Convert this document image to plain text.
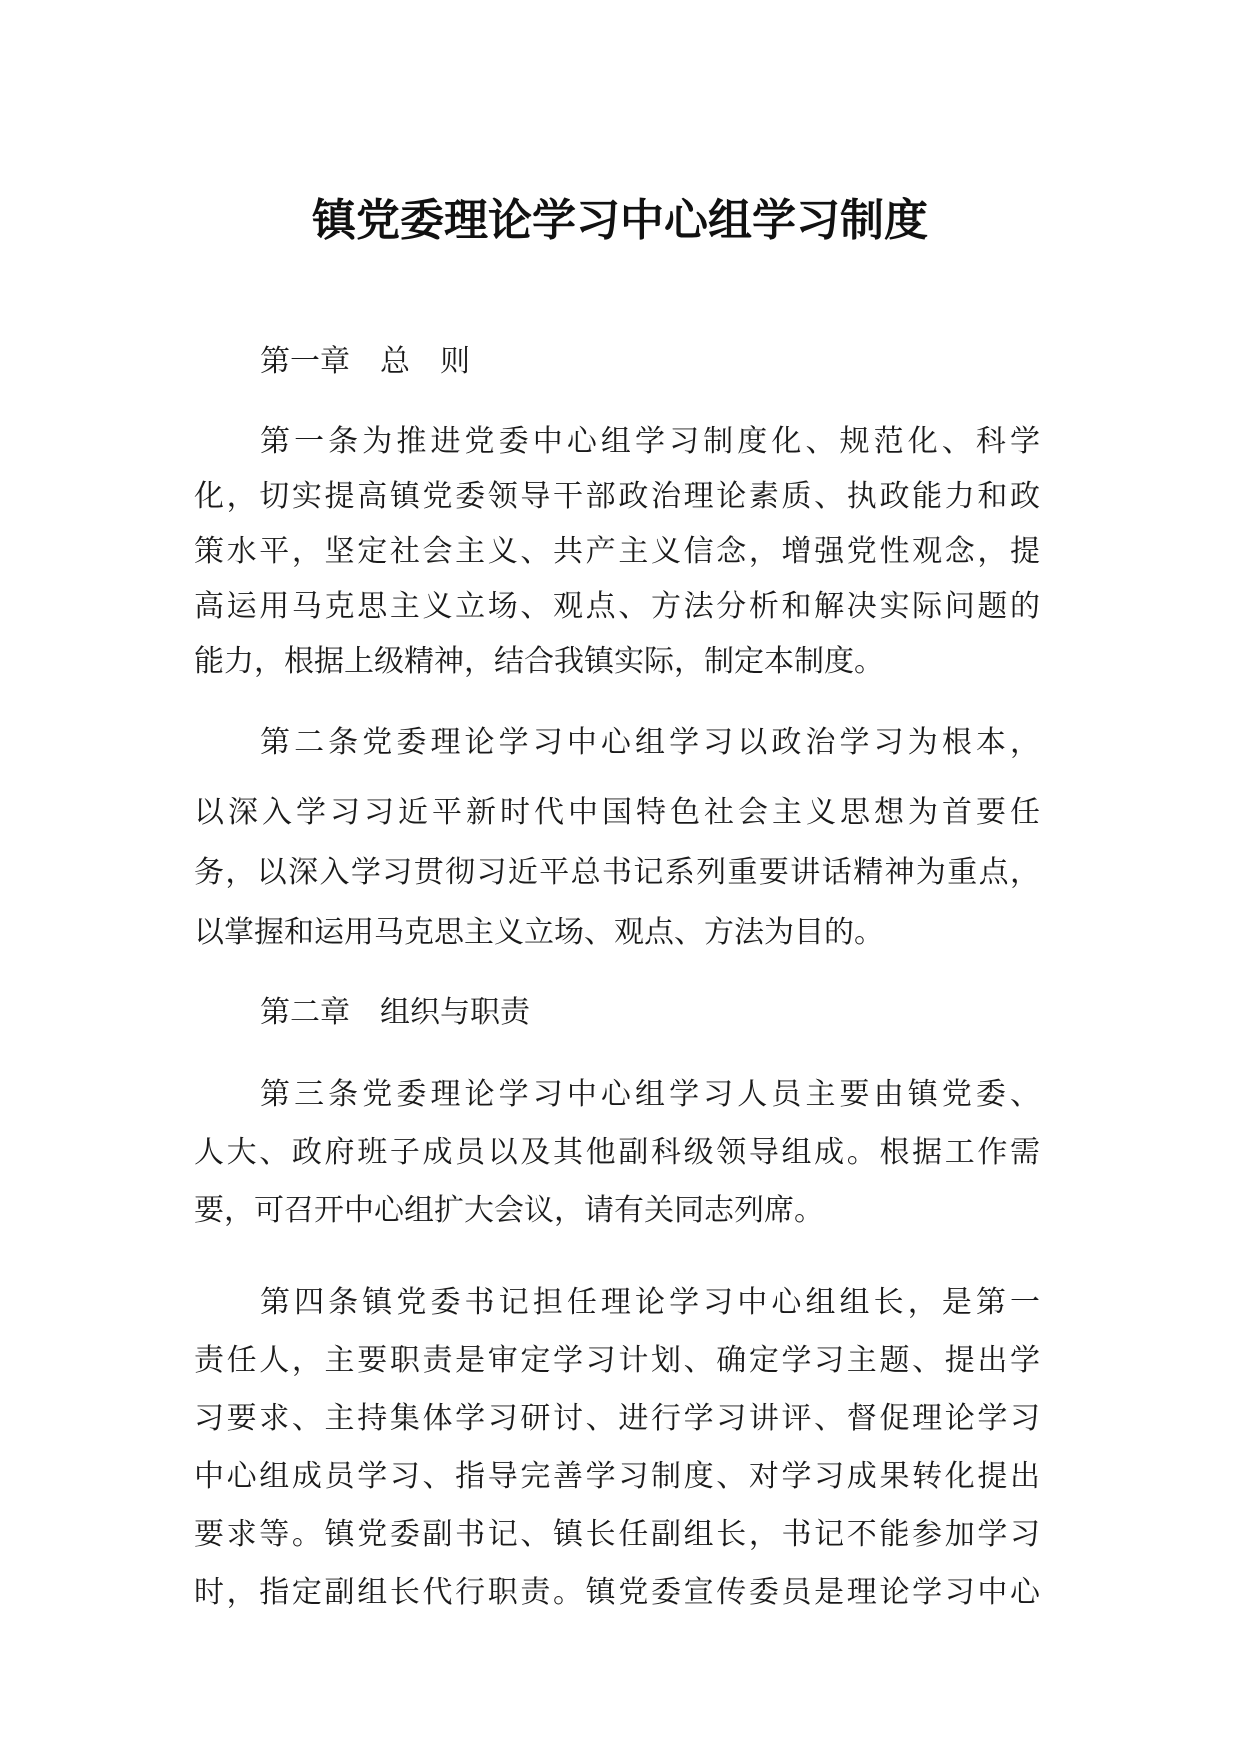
镇党委理论学习中心组学习制度
第一章　总　则
第一条为推进党委中心组学习制度化、规范化、科学
化，切实提高镇党委领导干部政治理论素质、执政能力和政
策水平，坚定社会主义、共产主义信念，增强党性观念，提
高运用马克思主义立场、观点、方法分析和解决实际问题的
能力，根据上级精神，结合我镇实际，制定本制度。
第二条党委理论学习中心组学习以政治学习为根本，
以深入学习习近平新时代中国特色社会主义思想为首要任
务，以深入学习贯彻习近平总书记系列重要讲话精神为重点，
以掌握和运用马克思主义立场、观点、方法为目的。
第二章　组织与职责
第三条党委理论学习中心组学习人员主要由镇党委、
人大、政府班子成员以及其他副科级领导组成。根据工作需
要，可召开中心组扩大会议，请有关同志列席。
第四条镇党委书记担任理论学习中心组组长，是第一
责任人，主要职责是审定学习计划、确定学习主题、提出学
习要求、主持集体学习研讨、进行学习讲评、督促理论学习
中心组成员学习、指导完善学习制度、对学习成果转化提出
要求等。镇党委副书记、镇长任副组长，书记不能参加学习
时，指定副组长代行职责。镇党委宣传委员是理论学习中心
